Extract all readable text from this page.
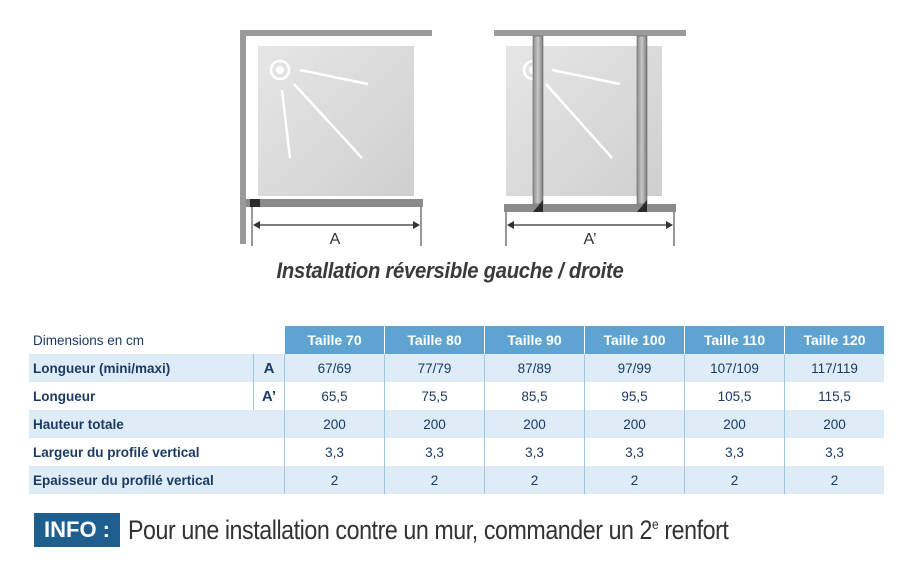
A	A’
Installation réversible gauche / droite
Dimensions en cm		Taille 70	Taille 80	Taille 90	Taille 100	Taille 110	Taille 120
Longueur (mini/maxi)	A	67/69	77/79	87/89	97/99	107/109	117/119
Longueur	A’	65,5	75,5	85,5	95,5	105,5	115,5
Hauteur totale		200	200	200	200	200	200
Largeur du profilé vertical		3,3	3,3	3,3	3,3	3,3	3,3
Epaisseur du profilé vertical		2	2	2	2	2	2
INFO : Pour une installation contre un mur, commander un 2e renfort
